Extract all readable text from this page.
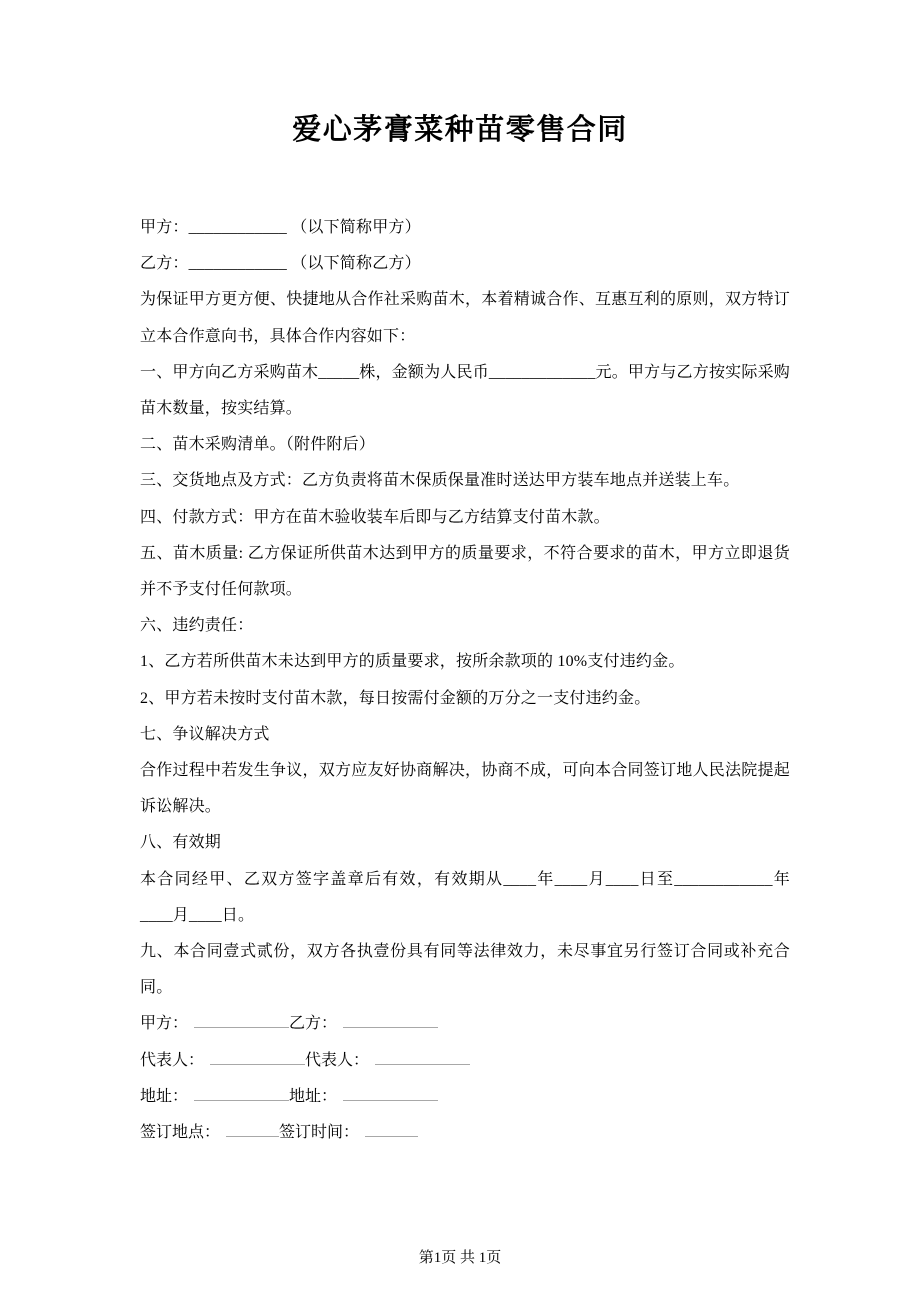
爱心茅膏菜种苗零售合同

甲方：____________ （以下简称甲方）

乙方：____________ （以下简称乙方）

为保证甲方更方便、快捷地从合作社采购苗木，本着精诚合作、互惠互利的原则，双方特订立本合作意向书，具体合作内容如下：

一、甲方向乙方采购苗木_____株，金额为人民币_____________元。甲方与乙方按实际采购苗木数量，按实结算。

二、苗木采购清单。（附件附后）

三、交货地点及方式：乙方负责将苗木保质保量准时送达甲方装车地点并送装上车。

四、付款方式：甲方在苗木验收装车后即与乙方结算支付苗木款。

五、苗木质量: 乙方保证所供苗木达到甲方的质量要求，不符合要求的苗木，甲方立即退货并不予支付任何款项。

六、违约责任：

1、乙方若所供苗木未达到甲方的质量要求，按所余款项的 10%支付违约金。

2、甲方若未按时支付苗木款，每日按需付金额的万分之一支付违约金。

七、争议解决方式

合作过程中若发生争议，双方应友好协商解决，协商不成，可向本合同签订地人民法院提起诉讼解决。

八、有效期

本合同经甲、乙双方签字盖章后有效，有效期从____年____月____日至____________年____月____日。

九、本合同壹式贰份，双方各执壹份具有同等法律效力，未尽事宜另行签订合同或补充合同。

甲方：	乙方：
代表人：	代表人：
地址：	地址：
签订地点：	签订时间：
第1页 共 1页
